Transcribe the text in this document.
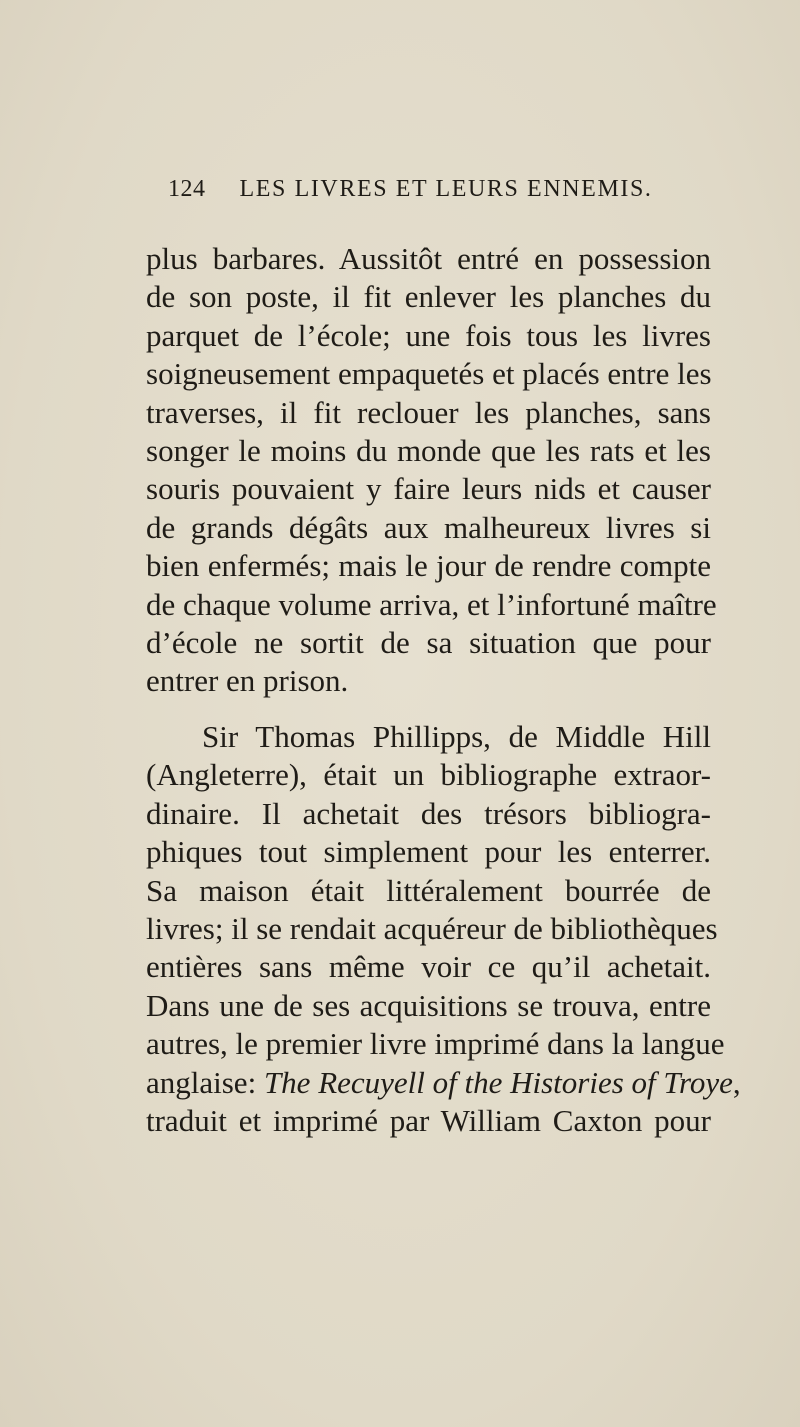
124 LES LIVRES ET LEURS ENNEMIS.
plus barbares. Aussitôt entré en possession
de son poste, il fit enlever les planches du
parquet de l’école; une fois tous les livres
soigneusement empaquetés et placés entre les
traverses, il fit reclouer les planches, sans
songer le moins du monde que les rats et les
souris pouvaient y faire leurs nids et causer
de grands dégâts aux malheureux livres si
bien enfermés; mais le jour de rendre compte
de chaque volume arriva, et l’infortuné maître
d’école ne sortit de sa situation que pour
entrer en prison.
Sir Thomas Phillipps, de Middle Hill
(Angleterre), était un bibliographe extraor-
dinaire. Il achetait des trésors bibliogra-
phiques tout simplement pour les enterrer.
Sa maison était littéralement bourrée de
livres; il se rendait acquéreur de bibliothèques
entières sans même voir ce qu’il achetait.
Dans une de ses acquisitions se trouva, entre
autres, le premier livre imprimé dans la langue
anglaise: The Recuyell of the Histories of Troye,
traduit et imprimé par William Caxton pour
